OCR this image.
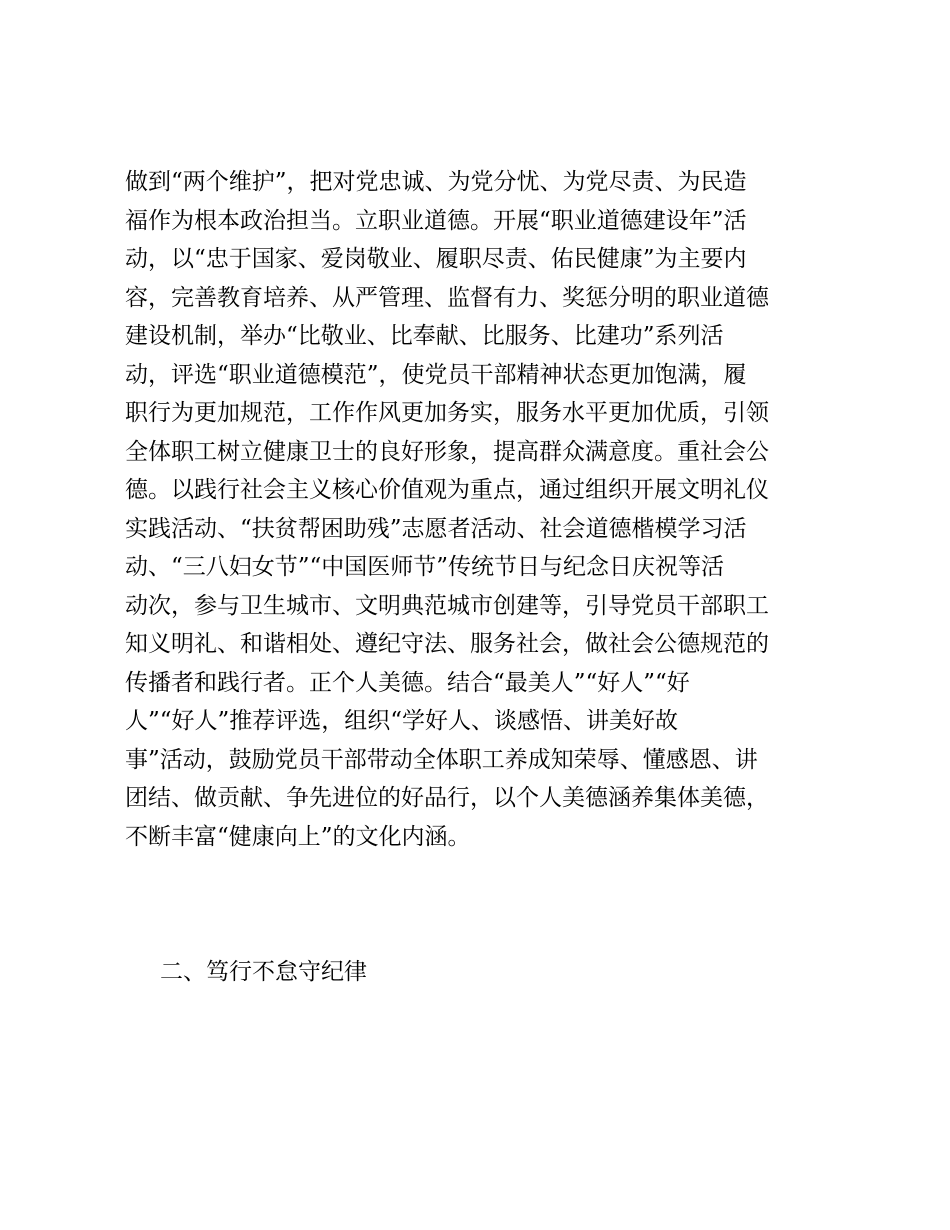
做到“两个维护”，把对党忠诚、为党分忧、为党尽责、为民造
福作为根本政治担当。立职业道德。开展“职业道德建设年”活
动，以“忠于国家、爱岗敬业、履职尽责、佑民健康”为主要内
容，完善教育培养、从严管理、监督有力、奖惩分明的职业道德
建设机制，举办“比敬业、比奉献、比服务、比建功”系列活
动，评选“职业道德模范”，使党员干部精神状态更加饱满，履
职行为更加规范，工作作风更加务实，服务水平更加优质，引领
全体职工树立健康卫士的良好形象，提高群众满意度。重社会公
德。以践行社会主义核心价值观为重点，通过组织开展文明礼仪
实践活动、“扶贫帮困助残”志愿者活动、社会道德楷模学习活
动、“三八妇女节”“中国医师节”传统节日与纪念日庆祝等活
动次，参与卫生城市、文明典范城市创建等，引导党员干部职工
知义明礼、和谐相处、遵纪守法、服务社会，做社会公德规范的
传播者和践行者。正个人美德。结合“最美人”“好人”“好
人”“好人”推荐评选，组织“学好人、谈感悟、讲美好故
事”活动，鼓励党员干部带动全体职工养成知荣辱、懂感恩、讲
团结、做贡献、争先进位的好品行，以个人美德涵养集体美德，
不断丰富“健康向上”的文化内涵。
二、笃行不怠守纪律
